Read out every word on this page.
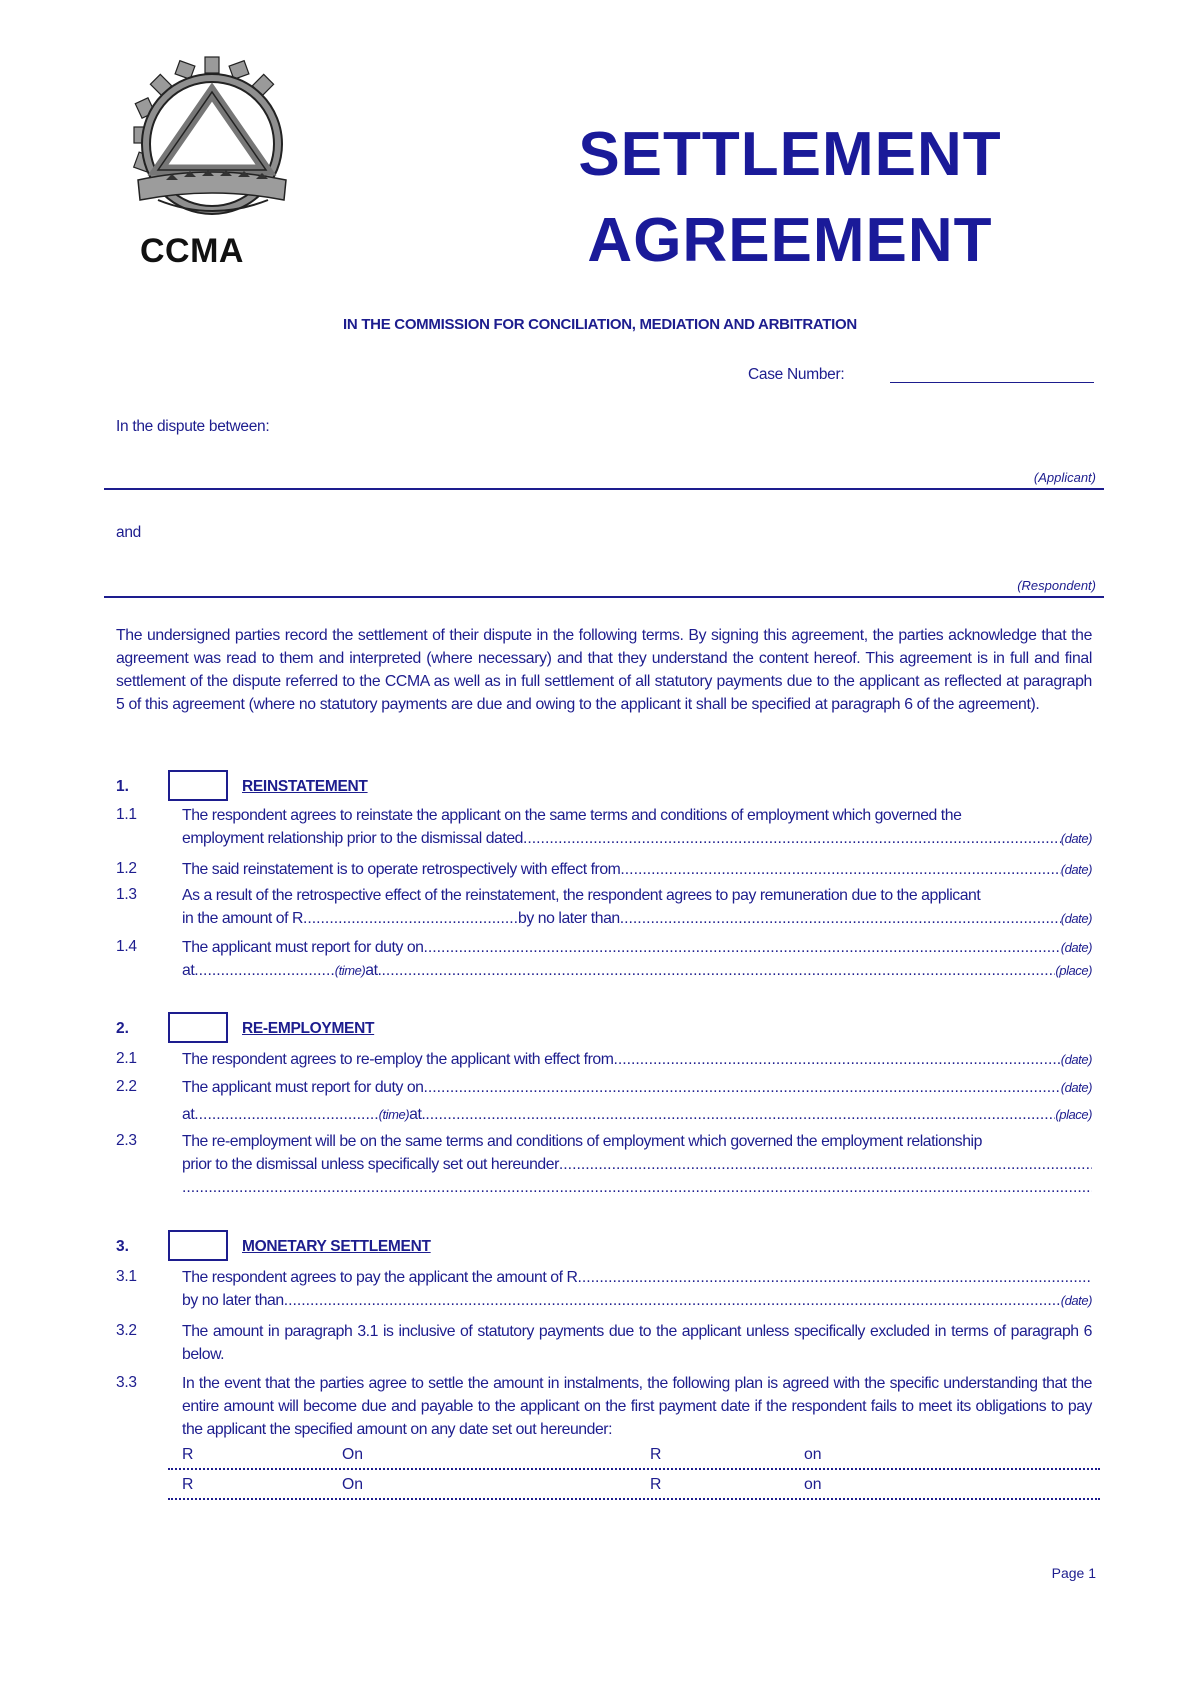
CCMA
SETTLEMENT
AGREEMENT
IN THE COMMISSION FOR CONCILIATION, MEDIATION AND ARBITRATION
Case Number:
In the dispute between:
(Applicant)
and
(Respondent)
The undersigned parties record the settlement of their dispute in the following terms. By signing this agreement, the parties acknowledge that the agreement was read to them and interpreted (where necessary) and that they understand the content hereof. This agreement is in full and final settlement of the dispute referred to the CCMA as well as in full settlement of all statutory payments due to the applicant as reflected at paragraph 5 of this agreement (where no statutory payments are due and owing to the applicant it shall be specified at paragraph 6 of the agreement).
1.	REINSTATEMENT
1.1	The respondent agrees to reinstate the applicant on the same terms and conditions of employment which governed the
employment relationship prior to the dismissal dated .....	(date)
1.2	The said reinstatement is to operate retrospectively with effect from .....	(date)
1.3	As a result of the retrospective effect of the reinstatement, the respondent agrees to pay remuneration due to the applicant
in the amount of R ................................................. by no later than .....	(date)
1.4	The applicant must report for duty on .....	(date)
at ................................ (time) at. .....	(place)
2.	RE-EMPLOYMENT
2.1	The respondent agrees to re-employ the applicant with effect from .....	(date)
2.2	The applicant must report for duty on .....	(date)
at .......................................... (time) at. .....	(place)
2.3	The re-employment will be on the same terms and conditions of employment which governed the employment relationship
prior to the dismissal unless specifically set out hereunder
.....
.....
3.	MONETARY SETTLEMENT
3.1	The respondent agrees to pay the applicant the amount of R
.....
by no later than .....	(date)
3.2	The amount in paragraph 3.1 is inclusive of statutory payments due to the applicant unless specifically excluded in terms of paragraph 6 below.
3.3	In the event that the parties agree to settle the amount in instalments, the following plan is agreed with the specific understanding that the entire amount will become due and payable to the applicant on the first payment date if the respondent fails to meet its obligations to pay the applicant the specified amount on any date set out hereunder:
R	On	R	on
R	On	R	on
Page 1
